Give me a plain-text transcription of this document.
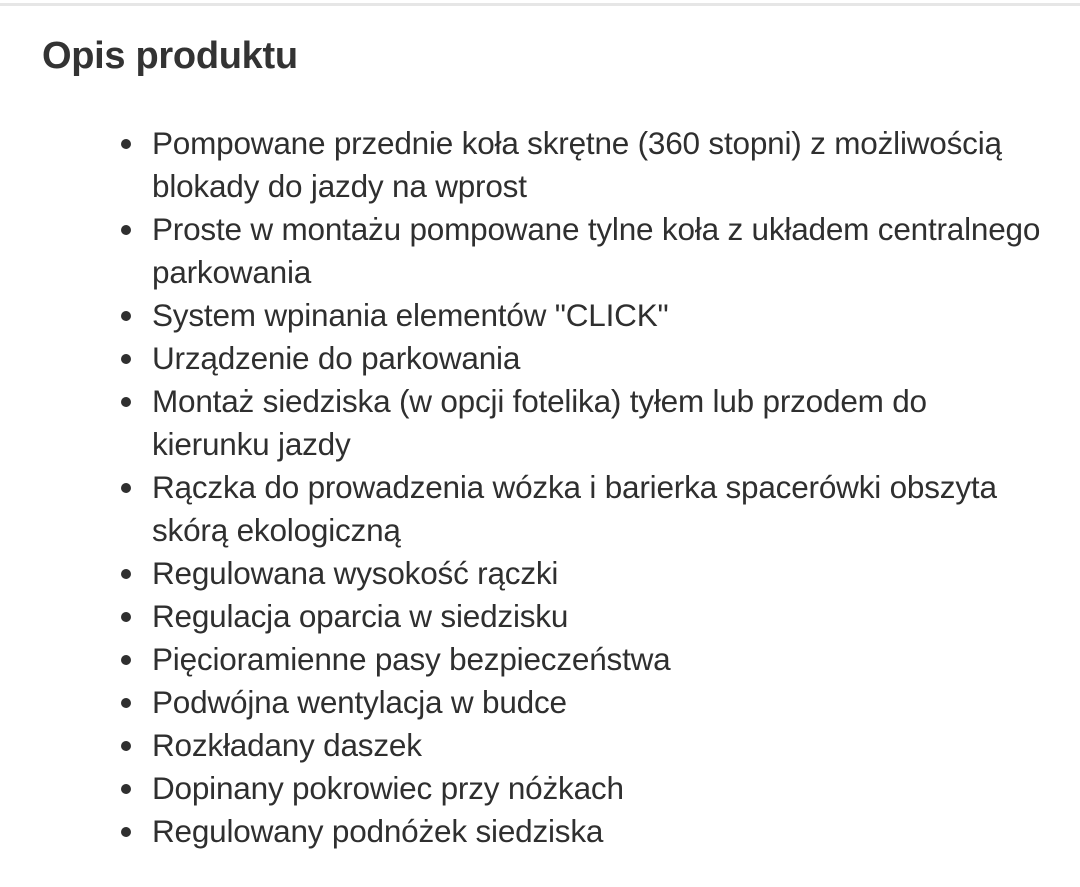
Opis produktu
Pompowane przednie koła skrętne (360 stopni) z możliwością blokady do jazdy na wprost
Proste w montażu pompowane tylne koła z układem centralnego parkowania
System wpinania elementów "CLICK"
Urządzenie do parkowania
Montaż siedziska (w opcji fotelika) tyłem lub przodem do kierunku jazdy
Rączka do prowadzenia wózka i barierka spacerówki obszyta skórą ekologiczną
Regulowana wysokość rączki
Regulacja oparcia w siedzisku
Pięcioramienne pasy bezpieczeństwa
Podwójna wentylacja w budce
Rozkładany daszek
Dopinany pokrowiec przy nóżkach
Regulowany podnóżek siedziska
